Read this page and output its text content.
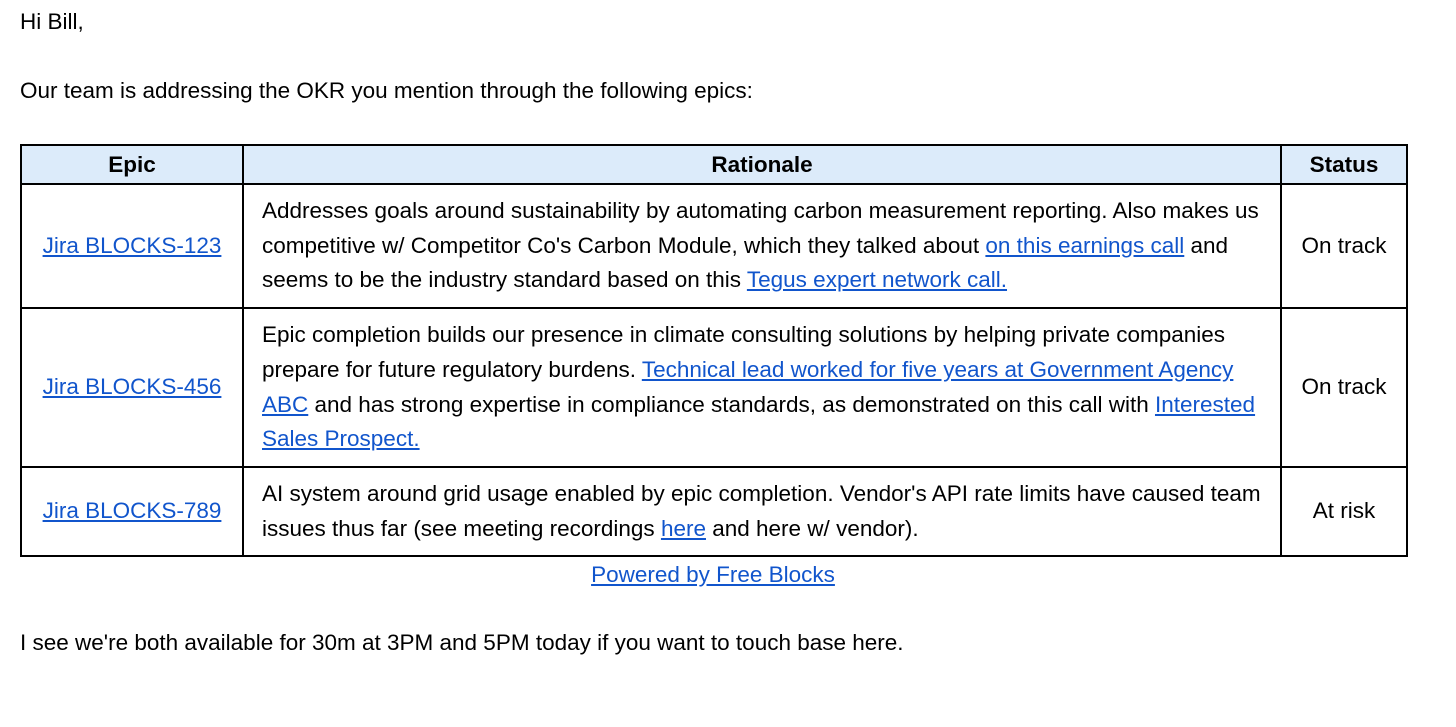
Hi Bill,

Our team is addressing the OKR you mention through the following epics:

Epic	Rationale	Status
Jira BLOCKS-123	Addresses goals around sustainability by automating carbon measurement reporting. Also makes us competitive w/ Competitor Co's Carbon Module, which they talked about on this earnings call and seems to be the industry standard based on this Tegus expert network call.	On track
Jira BLOCKS-456	Epic completion builds our presence in climate consulting solutions by helping private companies prepare for future regulatory burdens. Technical lead worked for five years at Government Agency ABC and has strong expertise in compliance standards, as demonstrated on this call with Interested Sales Prospect.	On track
Jira BLOCKS-789	AI system around grid usage enabled by epic completion. Vendor's API rate limits have caused team issues thus far (see meeting recordings here and here w/ vendor).	At risk
Powered by Free Blocks

I see we're both available for 30m at 3PM and 5PM today if you want to touch base here.
